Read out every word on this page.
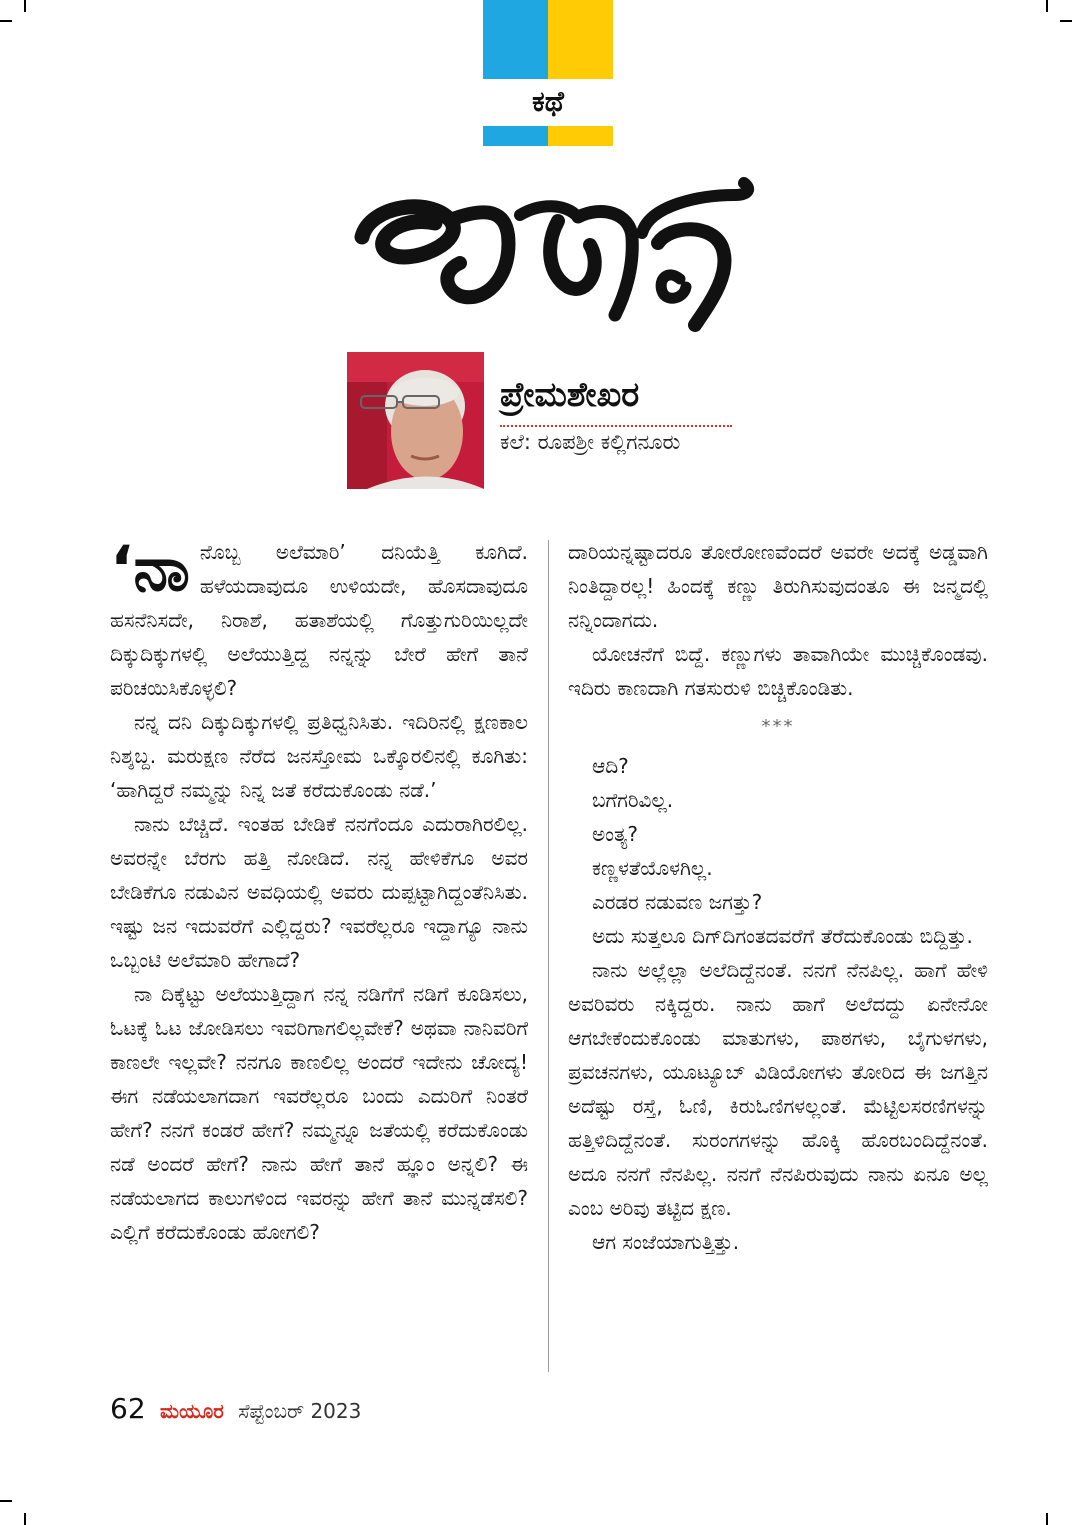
ಕಥೆ
ಪ್ರೇಮಶೇಖರ
ಕಲೆ: ರೂಪಶ್ರೀ ಕಲ್ಲಿಗನೂರು

‘ನಾನೊಬ್ಬ ಅಲೆಮಾರಿ’ ದನಿಯೆತ್ತಿ ಕೂಗಿದೆ. ಹಳೆಯದಾವುದೂ ಉಳಿಯದೇ, ಹೊಸದಾವುದೂ ಹಸನೆನಿಸದೇ, ನಿರಾಶೆ, ಹತಾಶೆಯಲ್ಲಿ ಗೊತ್ತುಗುರಿಯಿಲ್ಲದೇ ದಿಕ್ಕುದಿಕ್ಕುಗಳಲ್ಲಿ ಅಲೆಯುತ್ತಿದ್ದ ನನ್ನನ್ನು ಬೇರೆ ಹೇಗೆ ತಾನೆ ಪರಿಚಯಿಸಿಕೊಳ್ಳಲಿ?

ನನ್ನ ದನಿ ದಿಕ್ಕುದಿಕ್ಕುಗಳಲ್ಲಿ ಪ್ರತಿಧ್ವನಿಸಿತು. ಇದಿರಿನಲ್ಲಿ ಕ್ಷಣಕಾಲ ನಿಶ್ಶಬ್ದ. ಮರುಕ್ಷಣ ನೆರೆದ ಜನಸ್ತೋಮ ಒಕ್ಕೊರಲಿನಲ್ಲಿ ಕೂಗಿತು: ‘ಹಾಗಿದ್ದರೆ ನಮ್ಮನ್ನು ನಿನ್ನ ಜತೆ ಕರೆದುಕೊಂಡು ನಡೆ.’

ನಾನು ಬೆಚ್ಚಿದೆ. ಇಂತಹ ಬೇಡಿಕೆ ನನಗೆಂದೂ ಎದುರಾಗಿರಲಿಲ್ಲ. ಅವರನ್ನೇ ಬೆರಗು ಹತ್ತಿ ನೋಡಿದೆ. ನನ್ನ ಹೇಳಿಕೆಗೂ ಅವರ ಬೇಡಿಕೆಗೂ ನಡುವಿನ ಅವಧಿಯಲ್ಲಿ ಅವರು ದುಪ್ಪಟ್ಟಾಗಿದ್ದಂತೆನಿಸಿತು. ಇಷ್ಟು ಜನ ಇದುವರೆಗೆ ಎಲ್ಲಿದ್ದರು? ಇವರೆಲ್ಲರೂ ಇದ್ದಾಗ್ಯೂ ನಾನು ಒಬ್ಬಂಟಿ ಅಲೆಮಾರಿ ಹೇಗಾದೆ?

ನಾ ದಿಕ್ಕೆಟ್ಟು ಅಲೆಯುತ್ತಿದ್ದಾಗ ನನ್ನ ನಡಿಗೆಗೆ ನಡಿಗೆ ಕೂಡಿಸಲು, ಓಟಕ್ಕೆ ಓಟ ಜೋಡಿಸಲು ಇವರಿಗಾಗಲಿಲ್ಲವೇಕೆ? ಅಥವಾ ನಾನಿವರಿಗೆ ಕಾಣಲೇ ಇಲ್ಲವೇ? ನನಗೂ ಕಾಣಲಿಲ್ಲ ಅಂದರೆ ಇದೇನು ಚೋದ್ಯ! ಈಗ ನಡೆಯಲಾಗದಾಗ ಇವರೆಲ್ಲರೂ ಬಂದು ಎದುರಿಗೆ ನಿಂತರೆ ಹೇಗೆ? ನನಗೆ ಕಂಡರೆ ಹೇಗೆ? ನಮ್ಮನ್ನೂ ಜತೆಯಲ್ಲಿ ಕರೆದುಕೊಂಡು ನಡೆ ಅಂದರೆ ಹೇಗೆ? ನಾನು ಹೇಗೆ ತಾನೆ ಹ್ಞೂಂ ಅನ್ನಲಿ? ಈ ನಡೆಯಲಾಗದ ಕಾಲುಗಳಿಂದ ಇವರನ್ನು ಹೇಗೆ ತಾನೆ ಮುನ್ನಡೆಸಲಿ? ಎಲ್ಲಿಗೆ ಕರೆದುಕೊಂಡು ಹೋಗಲಿ?

ದಾರಿಯನ್ನಷ್ಟಾದರೂ ತೋರೋಣವೆಂದರೆ ಅವರೇ ಅದಕ್ಕೆ ಅಡ್ಡವಾಗಿ ನಿಂತಿದ್ದಾರಲ್ಲ! ಹಿಂದಕ್ಕೆ ಕಣ್ಣು ತಿರುಗಿಸುವುದಂತೂ ಈ ಜನ್ಮದಲ್ಲಿ ನನ್ನಿಂದಾಗದು.

ಯೋಚನೆಗೆ ಬಿದ್ದೆ. ಕಣ್ಣುಗಳು ತಾವಾಗಿಯೇ ಮುಚ್ಚಿಕೊಂಡವು. ಇದಿರು ಕಾಣದಾಗಿ ಗತಸುರುಳಿ ಬಿಚ್ಚಿಕೊಂಡಿತು.

***

ಆದಿ?

ಬಗೆಗರಿವಿಲ್ಲ.

ಅಂತ್ಯ?

ಕಣ್ಣಳತೆಯೊಳಗಿಲ್ಲ.

ಎರಡರ ನಡುವಣ ಜಗತ್ತು?

ಅದು ಸುತ್ತಲೂ ದಿಗ್‌ದಿಗಂತದವರೆಗೆ ತೆರೆದುಕೊಂಡು ಬಿದ್ದಿತ್ತು.

ನಾನು ಅಲ್ಲೆಲ್ಲಾ ಅಲೆದಿದ್ದೆನಂತೆ. ನನಗೆ ನೆನಪಿಲ್ಲ. ಹಾಗೆ ಹೇಳಿ ಅವರಿವರು ನಕ್ಕಿದ್ದರು. ನಾನು ಹಾಗೆ ಅಲೆದದ್ದು ಏನೇನೋ ಆಗಬೇಕೆಂದುಕೊಂಡು ಮಾತುಗಳು, ಪಾಠಗಳು, ಬೈಗುಳಗಳು, ಪ್ರವಚನಗಳು, ಯೂಟ್ಯೂಬ್ ವಿಡಿಯೋಗಳು ತೋರಿದ ಈ ಜಗತ್ತಿನ ಅದೆಷ್ಟು ರಸ್ತೆ, ಓಣಿ, ಕಿರುಓಣಿಗಳಲ್ಲಂತೆ. ಮೆಟ್ಟಿಲಸರಣಿಗಳನ್ನು ಹತ್ತಿಳಿದಿದ್ದೆನಂತೆ. ಸುರಂಗಗಳನ್ನು ಹೊಕ್ಕಿ ಹೊರಬಂದಿದ್ದೆನಂತೆ. ಅದೂ ನನಗೆ ನೆನಪಿಲ್ಲ. ನನಗೆ ನೆನಪಿರುವುದು ನಾನು ಏನೂ ಅಲ್ಲ ಎಂಬ ಅರಿವು ತಟ್ಟಿದ ಕ್ಷಣ.

ಆಗ ಸಂಜೆಯಾಗುತ್ತಿತ್ತು.

62 ಮಯೂರ ಸೆಪ್ಟೆಂಬರ್ 2023
